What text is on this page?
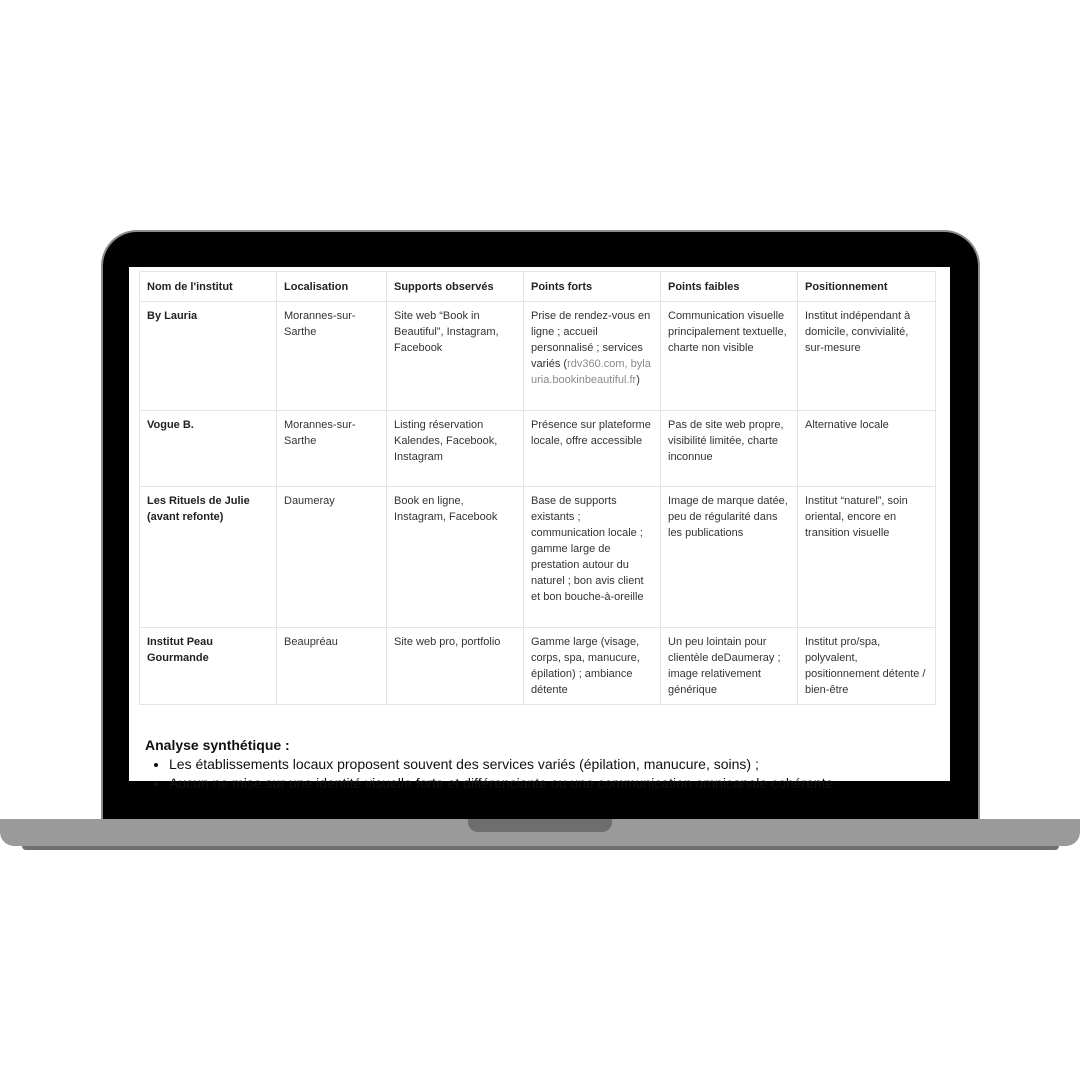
Nom de l'institut	Localisation	Supports observés	Points forts	Points faibles	Positionnement
By Lauria	Morannes-sur-Sarthe	Site web “Book in Beautiful”, Instagram, Facebook	Prise de rendez-vous en ligne ; accueil personnalisé ; services variés (rdv360.com, bylauria.bookinbeautiful.fr)	Communication visuelle principalement textuelle, charte non visible	Institut indépendant à domicile, convivialité, sur-mesure
Vogue B.	Morannes-sur-Sarthe	Listing réservation Kalendes, Facebook, Instagram	Présence sur plateforme locale, offre accessible	Pas de site web propre, visibilité limitée, charte inconnue	Alternative locale
Les Rituels de Julie (avant refonte)	Daumeray	Book en ligne, Instagram, Facebook	Base de supports existants ; communication locale ; gamme large de prestation autour du naturel ; bon avis client et bon bouche-à-oreille	Image de marque datée, peu de régularité dans les publications	Institut “naturel”, soin oriental, encore en transition visuelle
Institut Peau Gourmande	Beaupréau	Site web pro, portfolio	Gamme large (visage, corps, spa, manucure, épilation) ; ambiance détente	Un peu lointain pour clientèle deDaumeray ; image relativement générique	Institut pro/spa, polyvalent, positionnement détente / bien-être

Analyse synthétique :

• Les établissements locaux proposent souvent des services variés (épilation, manucure, soins) ;
• Aucun ne mise sur une identité visuelle forte et différenciante ou une communication omnicanale cohérente.
